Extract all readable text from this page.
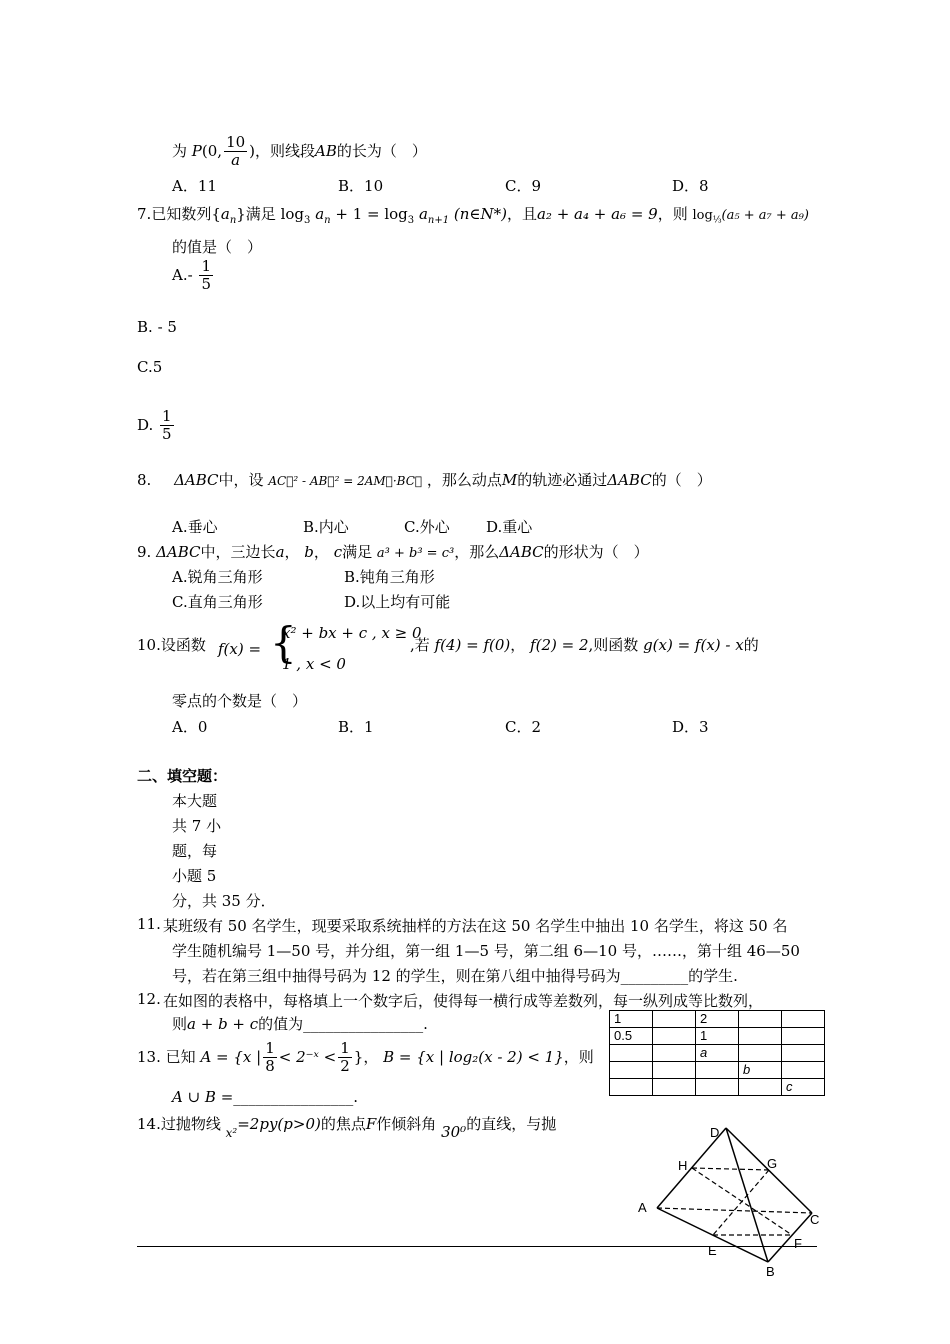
为 P(0, $\frac{10}{a}$ )，则线段AB的长为（　）
A．11	B．10	C．9	D．8
7.已知数列$\{a_n\}$满足 $\log_3 a_n + 1 = \log_3 a_{n+1}$ (n∈N*)，且a₂ + a₄ + a₆ = 9，则 $\log_{\frac{1}{3}}(a_5 + a_7 + a_9)$
的值是（　）
$A.- \frac{1}{5}$
B. - 5
C.5
D. $\frac{1}{5}$
8. ΔABC中，设 AC⃗² - AB⃗² = 2AM⃗·BC⃗ ，那么动点M的轨迹必通过ΔABC的（　）
A.垂心	B.内心	C.外心 D.重心
9. ΔABC中，三边长a， b， c满足 a³ + b³ = c³，那么ΔABC的形状为（　）
A.锐角三角形	B.钝角三角形
C.直角三角形	D.以上均有可能
10.设函数 f(x) = {
x² + bx + c , x ≥ 0
1 , x < 0
,若 f(4) = f(0)， f(2) = 2,则函数 g(x) = f(x) - x的
零点的个数是（　）
A．0	B．1	C．2	D．3
二、填空题：
本大题
共 7 小
题，每
小题 5
分，共 35 分．
11. 某班级有 50 名学生，现要采取系统抽样的方法在这 50 名学生中抽出 10 名学生，将这 50 名
学生随机编号 1—50 号，并分组，第一组 1—5 号，第二组 6—10 号，……，第十组 46—50
号，若在第三组中抽得号码为 12 的学生，则在第八组中抽得号码为_________的学生.
12. 在如图的表格中，每格填上一个数字后，使得每一横行成等差数列，每一纵列成等比数列，
则a + b + c的值为________________.	1		2		
0.5		1		
		a		
			b	
				c
13. 已知 A = {x | $\frac{1}{8}$ < 2⁻ˣ < $\frac{1}{2}$ }， B = {x | log₂(x - 2) < 1}，则
A ∪ B =________________.
14.过抛物线 $_{x^2}$=2py(p>0)的焦点F作倾斜角 30⁰的直线，与抛	D
H	G
A
C
E	F
B
